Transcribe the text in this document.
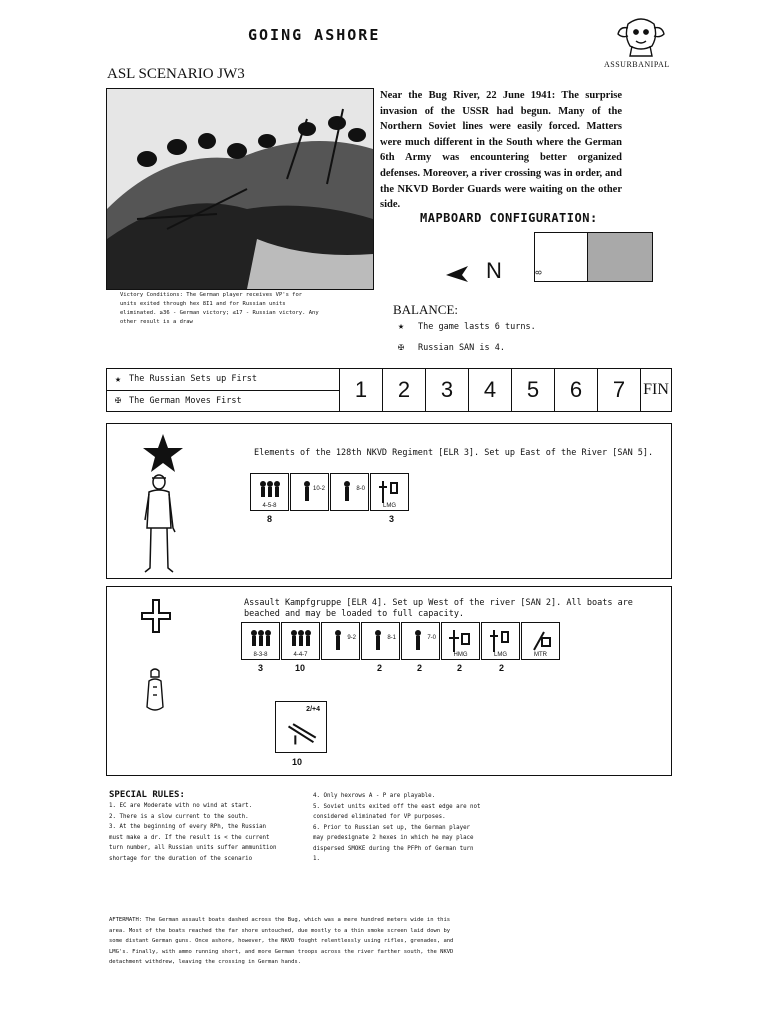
GOING ASHORE
ASSURBANIPAL
ASL SCENARIO JW3
Near the Bug River, 22 June 1941: The surprise invasion of the USSR had begun. Many of the Northern Soviet lines were easily forced. Matters were much different in the South where the German 6th Army was encountering better organized defenses. Moreover, a river crossing was in order, and the NKVD Border Guards were waiting on the other side.
MAPBOARD CONFIGURATION:
N	8
Victory Conditions: The German player receives VP's for units exited through hex 8I1 and for Russian units eliminated. ≥36 - German victory; ≤17 - Russian victory. Any other result is a draw
BALANCE:
★	The game lasts 6 turns.
✠	Russian SAN is 4.
★ The Russian Sets up First
✠ The German Moves First	1	2	3	4	5	6	7	FIN
Elements of the 128th NKVD Regiment [ELR 3]. Set up East of the River [SAN 5].
4-5-8
10-2	8-0
LMG
8	3
Assault Kampfgruppe [ELR 4]. Set up West of the river [SAN 2]. All boats are beached and may be loaded to full capacity.
8-3-8	4-4-7
9-2	8-1	7-0
HMG	LMG	MTR
3	10	2	2	2	2
2/+4
10
SPECIAL RULES:
1. EC are Moderate with no wind at start.
2. There is a slow current to the south.
3. At the beginning of every RPh, the Russian must make a dr. If the result is < the current turn number, all Russian units suffer ammunition shortage for the duration of the scenario
4. Only hexrows A - P are playable.
5. Soviet units exited off the east edge are not considered eliminated for VP purposes.
6. Prior to Russian set up, the German player may predesignate 2 hexes in which he may place dispersed SMOKE during the PFPh of German turn 1.
AFTERMATH: The German assault boats dashed across the Bug, which was a mere hundred meters wide in this area. Most of the boats reached the far shore untouched, due mostly to a thin smoke screen laid down by some distant German guns. Once ashore, however, the NKVD fought relentlessly using rifles, grenades, and LMG's. Finally, with ammo running short, and more German troops across the river farther south, the NKVD detachment withdrew, leaving the crossing in German hands.
